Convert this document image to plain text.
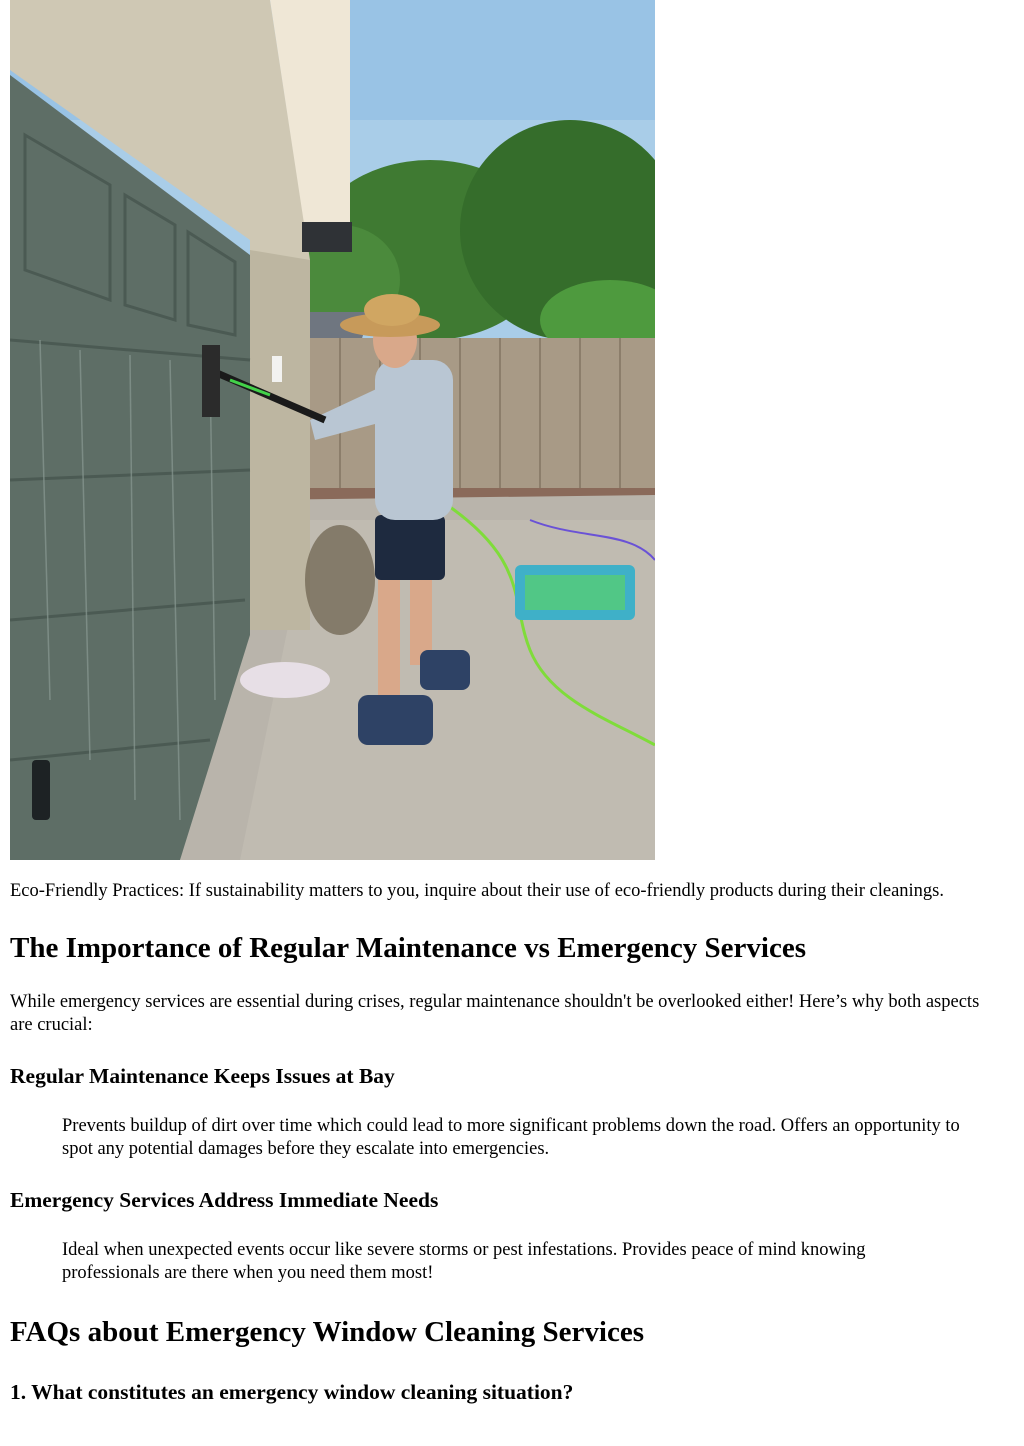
Eco-Friendly Practices: If sustainability matters to you, inquire about their use of eco-friendly products during their cleanings.

The Importance of Regular Maintenance vs Emergency Services

While emergency services are essential during crises, regular maintenance shouldn't be overlooked either! Here’s why both aspects are crucial:

Regular Maintenance Keeps Issues at Bay

Prevents buildup of dirt over time which could lead to more significant problems down the road. Offers an opportunity to spot any potential damages before they escalate into emergencies.

Emergency Services Address Immediate Needs

Ideal when unexpected events occur like severe storms or pest infestations. Provides peace of mind knowing professionals are there when you need them most!

FAQs about Emergency Window Cleaning Services
1. What constitutes an emergency window cleaning situation?
